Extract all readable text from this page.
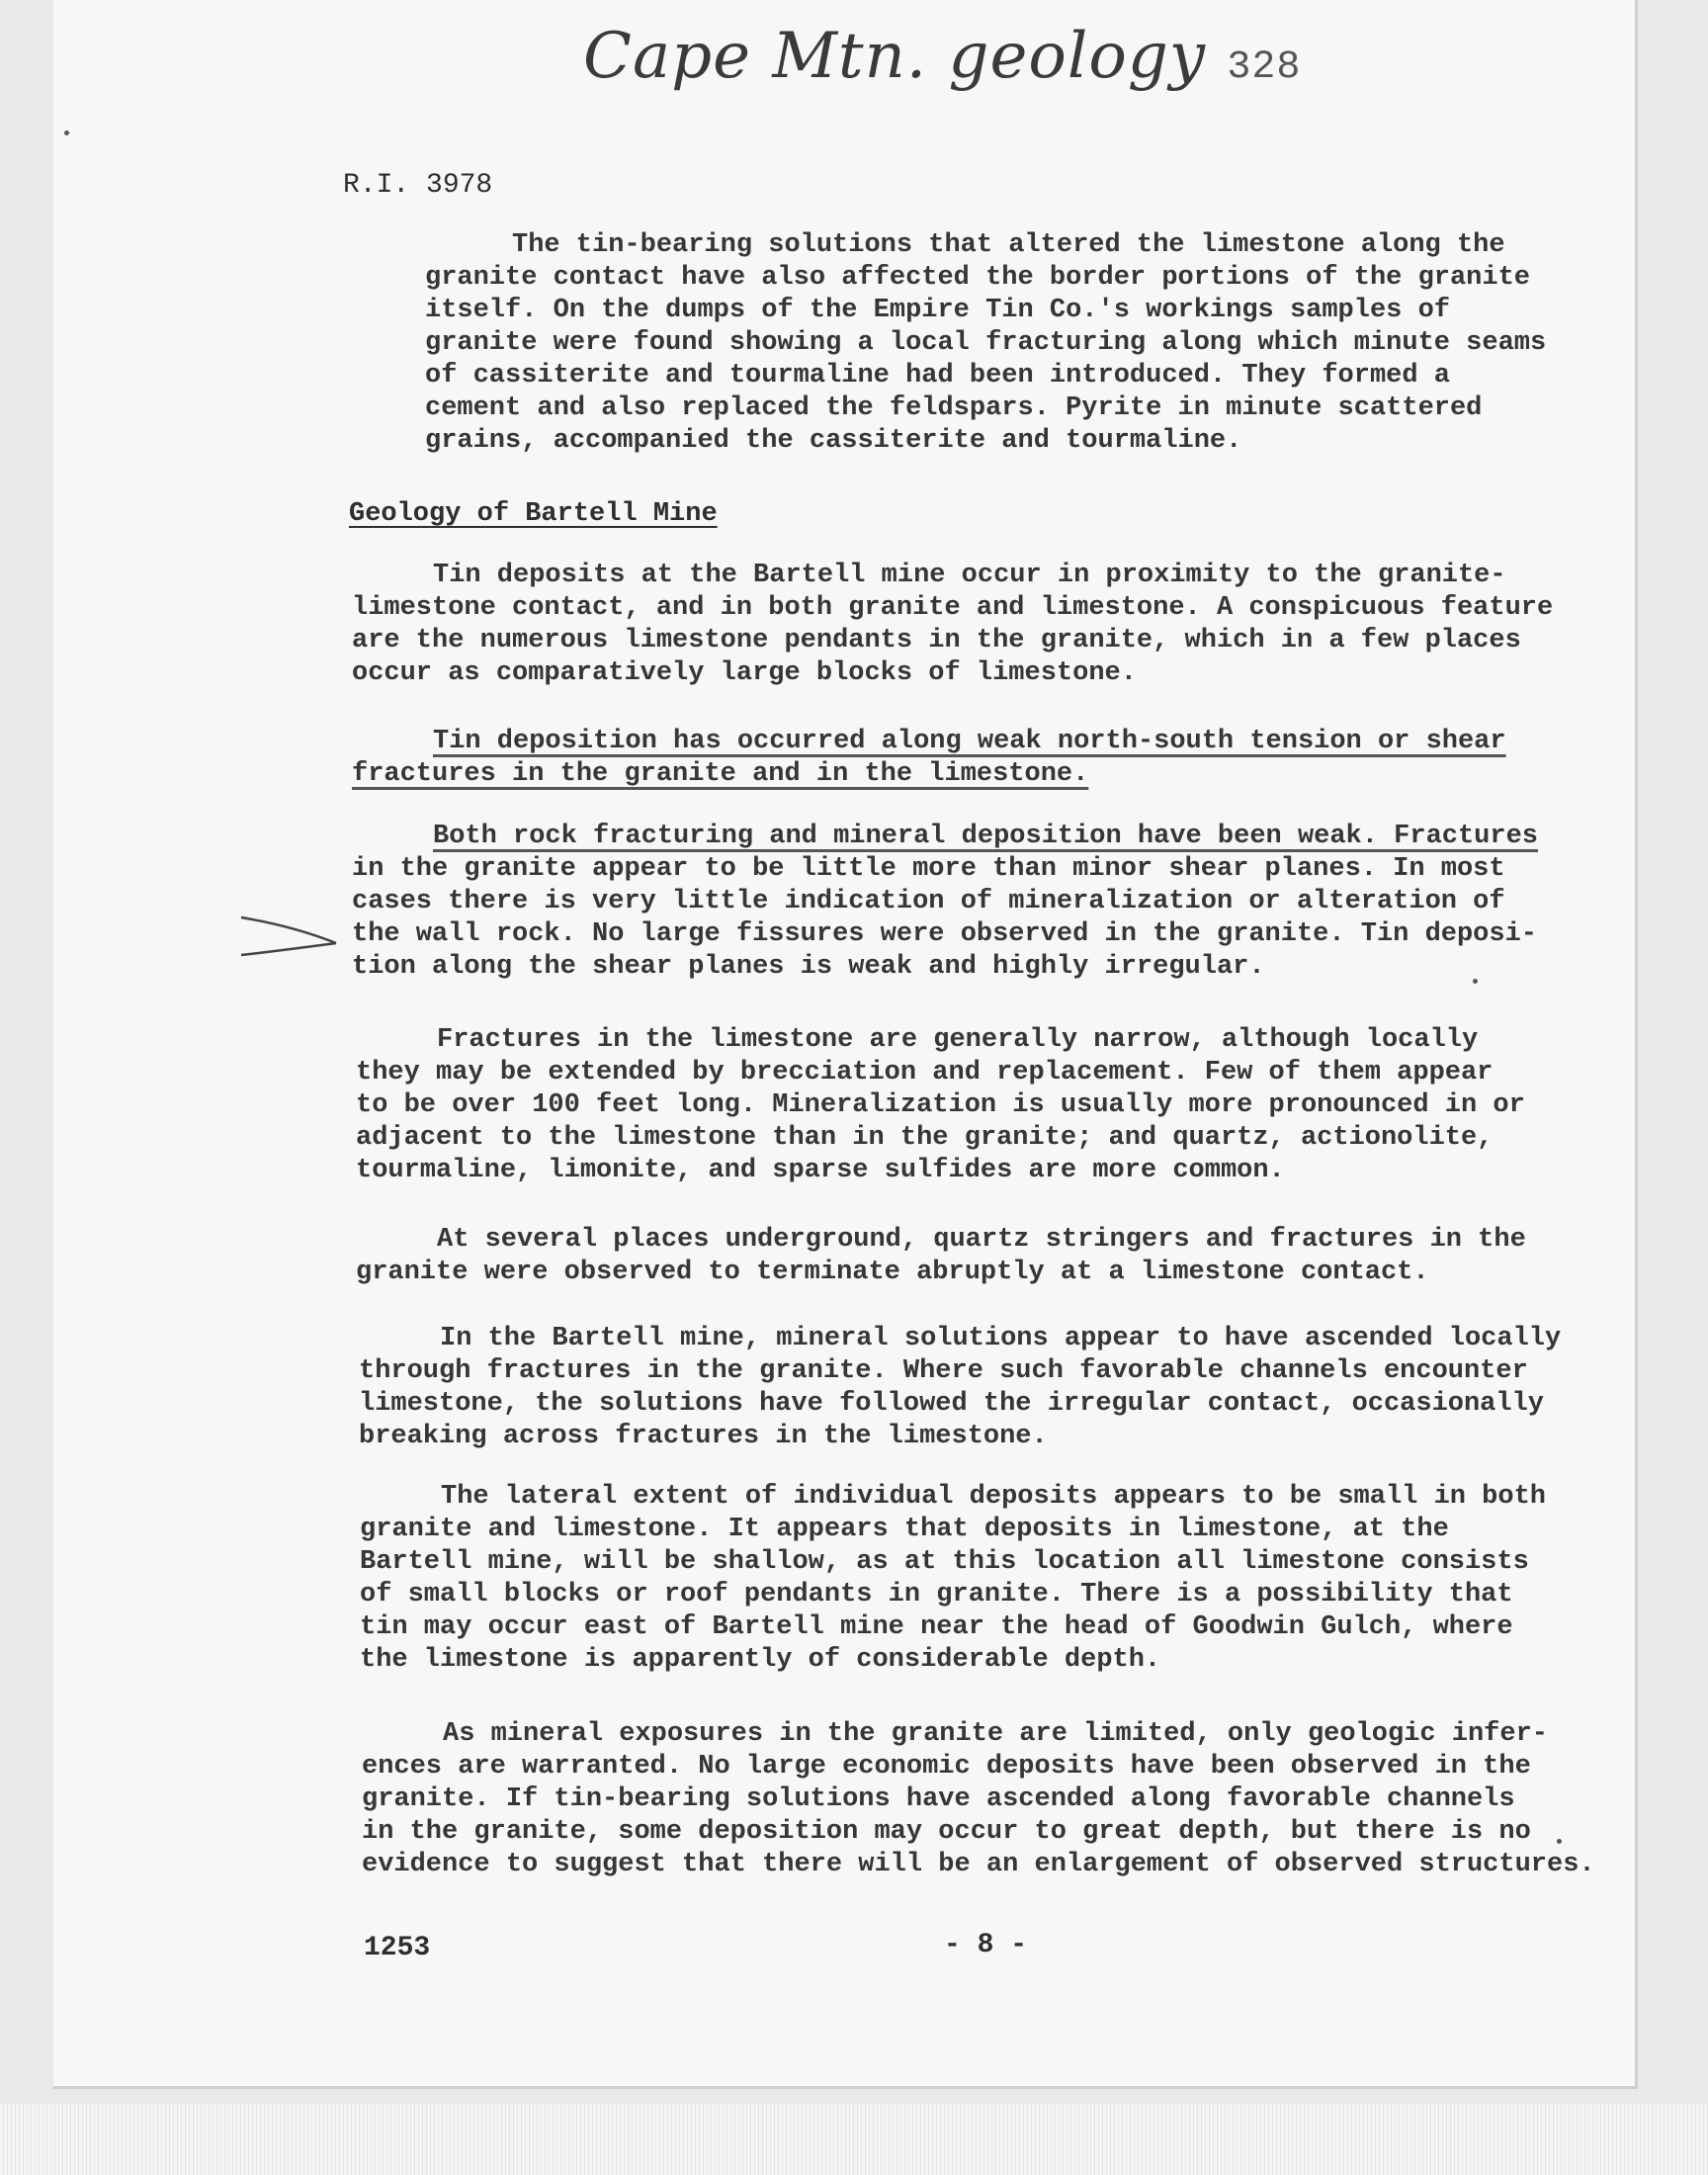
Cape Mtn. geology 328
R.I. 3978
The tin-bearing solutions that altered the limestone along the
granite contact have also affected the border portions of the granite
itself. On the dumps of the Empire Tin Co.'s workings samples of
granite were found showing a local fracturing along which minute seams
of cassiterite and tourmaline had been introduced. They formed a
cement and also replaced the feldspars. Pyrite in minute scattered
grains, accompanied the cassiterite and tourmaline.
Geology of Bartell Mine
Tin deposits at the Bartell mine occur in proximity to the granite-
limestone contact, and in both granite and limestone. A conspicuous feature
are the numerous limestone pendants in the granite, which in a few places
occur as comparatively large blocks of limestone.
Tin deposition has occurred along weak north-south tension or shear
fractures in the granite and in the limestone.
Both rock fracturing and mineral deposition have been weak. Fractures
in the granite appear to be little more than minor shear planes. In most
cases there is very little indication of mineralization or alteration of
the wall rock. No large fissures were observed in the granite. Tin deposi-
tion along the shear planes is weak and highly irregular.
Fractures in the limestone are generally narrow, although locally
they may be extended by brecciation and replacement. Few of them appear
to be over 100 feet long. Mineralization is usually more pronounced in or
adjacent to the limestone than in the granite; and quartz, actionolite,
tourmaline, limonite, and sparse sulfides are more common.
At several places underground, quartz stringers and fractures in the
granite were observed to terminate abruptly at a limestone contact.
In the Bartell mine, mineral solutions appear to have ascended locally
through fractures in the granite. Where such favorable channels encounter
limestone, the solutions have followed the irregular contact, occasionally
breaking across fractures in the limestone.
The lateral extent of individual deposits appears to be small in both
granite and limestone. It appears that deposits in limestone, at the
Bartell mine, will be shallow, as at this location all limestone consists
of small blocks or roof pendants in granite. There is a possibility that
tin may occur east of Bartell mine near the head of Goodwin Gulch, where
the limestone is apparently of considerable depth.
As mineral exposures in the granite are limited, only geologic infer-
ences are warranted. No large economic deposits have been observed in the
granite. If tin-bearing solutions have ascended along favorable channels
in the granite, some deposition may occur to great depth, but there is no
evidence to suggest that there will be an enlargement of observed structures.
1253	- 8 -
